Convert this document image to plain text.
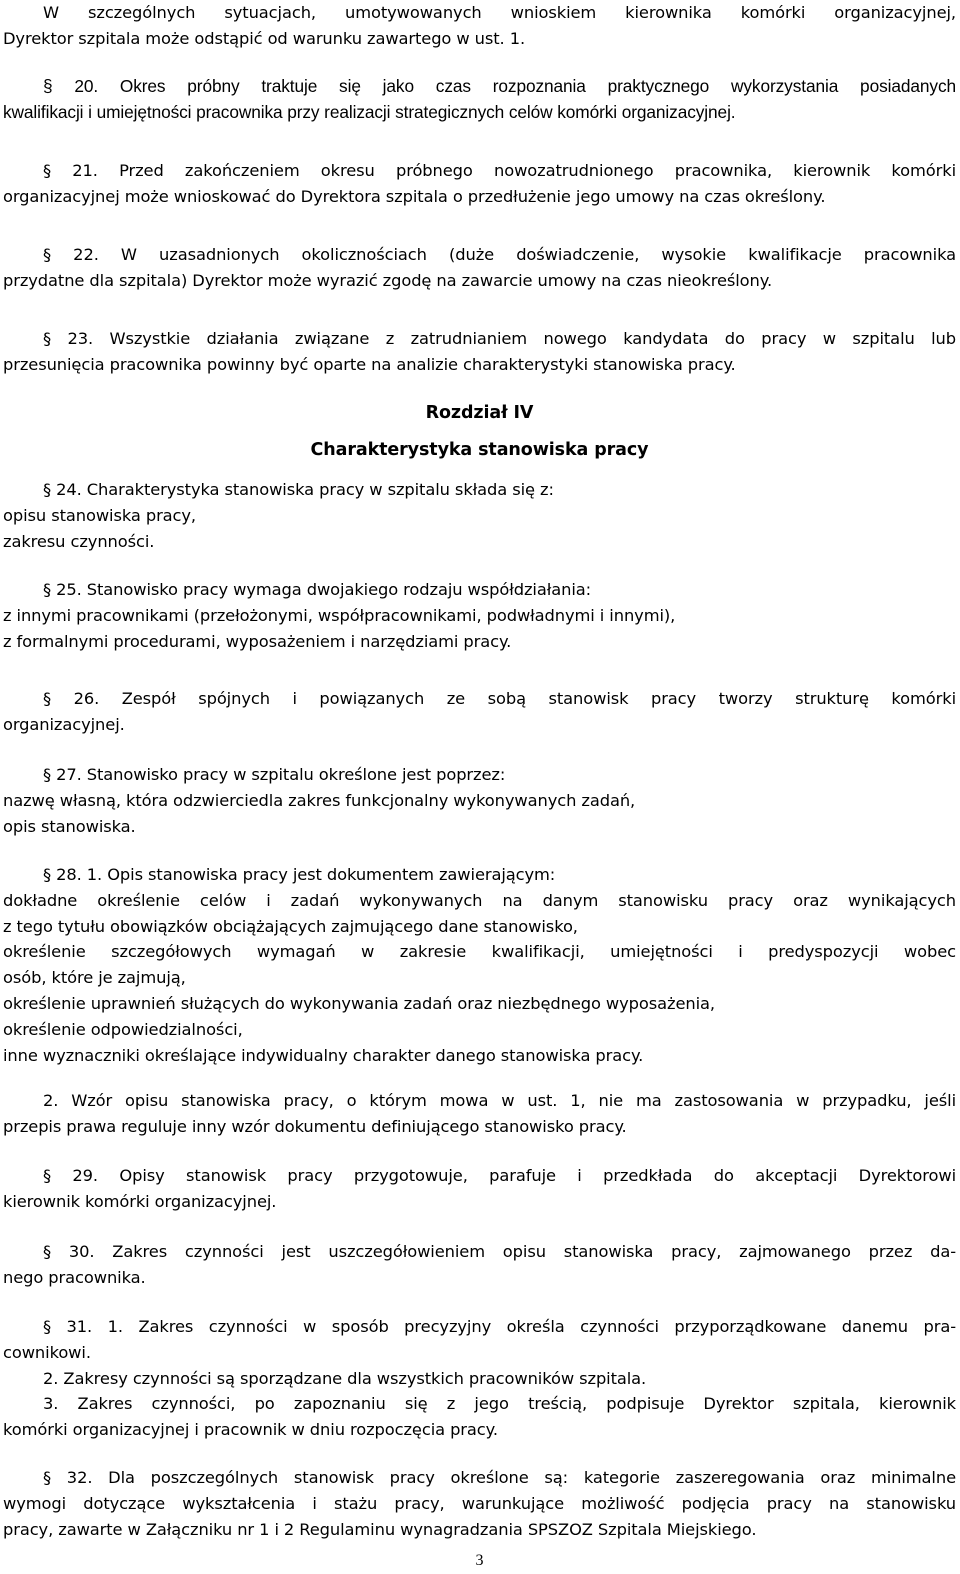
W szczególnych sytuacjach, umotywowanych wnioskiem kierownika komórki organizacyjnej,
Dyrektor szpitala może odstąpić od warunku zawartego w ust. 1.
§ 20. Okres próbny traktuje się jako czas rozpoznania praktycznego wykorzystania posiadanych
kwalifikacji i umiejętności pracownika przy realizacji strategicznych celów komórki organizacyjnej.
§ 21. Przed zakończeniem okresu próbnego nowozatrudnionego pracownika, kierownik komórki
organizacyjnej może wnioskować do Dyrektora szpitala o przedłużenie jego umowy na czas określony.
§ 22. W uzasadnionych okolicznościach (duże doświadczenie, wysokie kwalifikacje pracownika
przydatne dla szpitala) Dyrektor może wyrazić zgodę na zawarcie umowy na czas nieokreślony.
§ 23. Wszystkie działania związane z zatrudnianiem nowego kandydata do pracy w szpitalu lub
przesunięcia pracownika powinny być oparte na analizie charakterystyki stanowiska pracy.
Rozdział IV
Charakterystyka stanowiska pracy
§ 24. Charakterystyka stanowiska pracy w szpitalu składa się z:
opisu stanowiska pracy,
zakresu czynności.
§ 25. Stanowisko pracy wymaga dwojakiego rodzaju współdziałania:
z innymi pracownikami (przełożonymi, współpracownikami, podwładnymi i innymi),
z formalnymi procedurami, wyposażeniem i narzędziami pracy.
§ 26. Zespół spójnych i powiązanych ze sobą stanowisk pracy tworzy strukturę komórki
organizacyjnej.
§ 27. Stanowisko pracy w szpitalu określone jest poprzez:
nazwę własną, która odzwierciedla zakres funkcjonalny wykonywanych zadań,
opis stanowiska.
§ 28. 1. Opis stanowiska pracy jest dokumentem zawierającym:
dokładne określenie celów i zadań wykonywanych na danym stanowisku pracy oraz wynikających
z tego tytułu obowiązków obciążających zajmującego dane stanowisko,
określenie szczegółowych wymagań w zakresie kwalifikacji, umiejętności i predyspozycji wobec
osób, które je zajmują,
określenie uprawnień służących do wykonywania zadań oraz niezbędnego wyposażenia,
określenie odpowiedzialności,
inne wyznaczniki określające indywidualny charakter danego stanowiska pracy.
2. Wzór opisu stanowiska pracy, o którym mowa w ust. 1, nie ma zastosowania w przypadku, jeśli
przepis prawa reguluje inny wzór dokumentu definiującego stanowisko pracy.
§ 29. Opisy stanowisk pracy przygotowuje, parafuje i przedkłada do akceptacji Dyrektorowi
kierownik komórki organizacyjnej.
§ 30. Zakres czynności jest uszczegółowieniem opisu stanowiska pracy, zajmowanego przez da-
nego pracownika.
§ 31. 1. Zakres czynności w sposób precyzyjny określa czynności przyporządkowane danemu pra-
cownikowi.
2. Zakresy czynności są sporządzane dla wszystkich pracowników szpitala.
3. Zakres czynności, po zapoznaniu się z jego treścią, podpisuje Dyrektor szpitala, kierownik
komórki organizacyjnej i pracownik w dniu rozpoczęcia pracy.
§ 32. Dla poszczególnych stanowisk pracy określone są: kategorie zaszeregowania oraz minimalne
wymogi dotyczące wykształcenia i stażu pracy, warunkujące możliwość podjęcia pracy na stanowisku
pracy, zawarte w Załączniku nr 1 i 2 Regulaminu wynagradzania SPSZOZ Szpitala Miejskiego.
3
